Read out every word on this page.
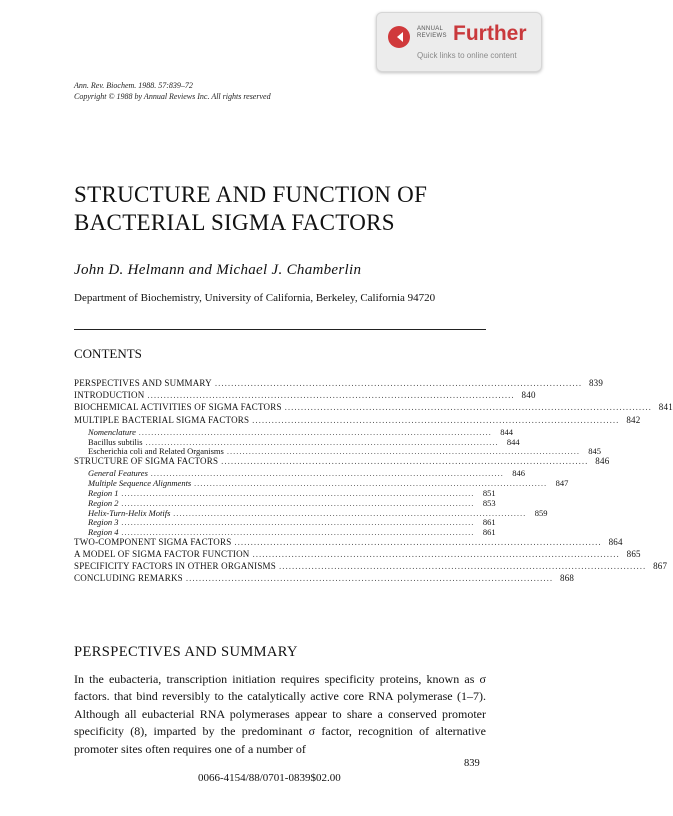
ANNUAL
REVIEWS Further
Quick links to online content
Ann. Rev. Biochem. 1988. 57:839–72
Copyright © 1988 by Annual Reviews Inc. All rights reserved
STRUCTURE AND FUNCTION OF
BACTERIAL SIGMA FACTORS
John D. Helmann and Michael J. Chamberlin
Department of Biochemistry, University of California, Berkeley, California 94720
CONTENTS
PERSPECTIVES AND SUMMARY ................................................................................................................. 839
INTRODUCTION ................................................................................................................. 840
BIOCHEMICAL ACTIVITIES OF SIGMA FACTORS ................................................................................................................. 841
MULTIPLE BACTERIAL SIGMA FACTORS ................................................................................................................. 842
Nomenclature ................................................................................................................. 844
Bacillus subtilis ................................................................................................................. 844
Escherichia coli and Related Organisms ................................................................................................................. 845
STRUCTURE OF SIGMA FACTORS ................................................................................................................. 846
General Features ................................................................................................................. 846
Multiple Sequence Alignments ................................................................................................................. 847
Region 1 ................................................................................................................. 851
Region 2 ................................................................................................................. 853
Helix-Turn-Helix Motifs ................................................................................................................. 859
Region 3 ................................................................................................................. 861
Region 4 ................................................................................................................. 861
TWO-COMPONENT SIGMA FACTORS ................................................................................................................. 864
A MODEL OF SIGMA FACTOR FUNCTION ................................................................................................................. 865
SPECIFICITY FACTORS IN OTHER ORGANISMS ................................................................................................................. 867
CONCLUDING REMARKS ................................................................................................................. 868
PERSPECTIVES AND SUMMARY

In the eubacteria, transcription initiation requires specificity proteins, known as σ factors. that bind reversibly to the catalytically active core RNA polymerase (1–7). Although all eubacterial RNA polymerases appear to share a conserved promoter specificity (8), imparted by the predominant σ factor, recognition of alternative promoter sites often requires one of a number of

839
0066-4154/88/0701-0839$02.00
